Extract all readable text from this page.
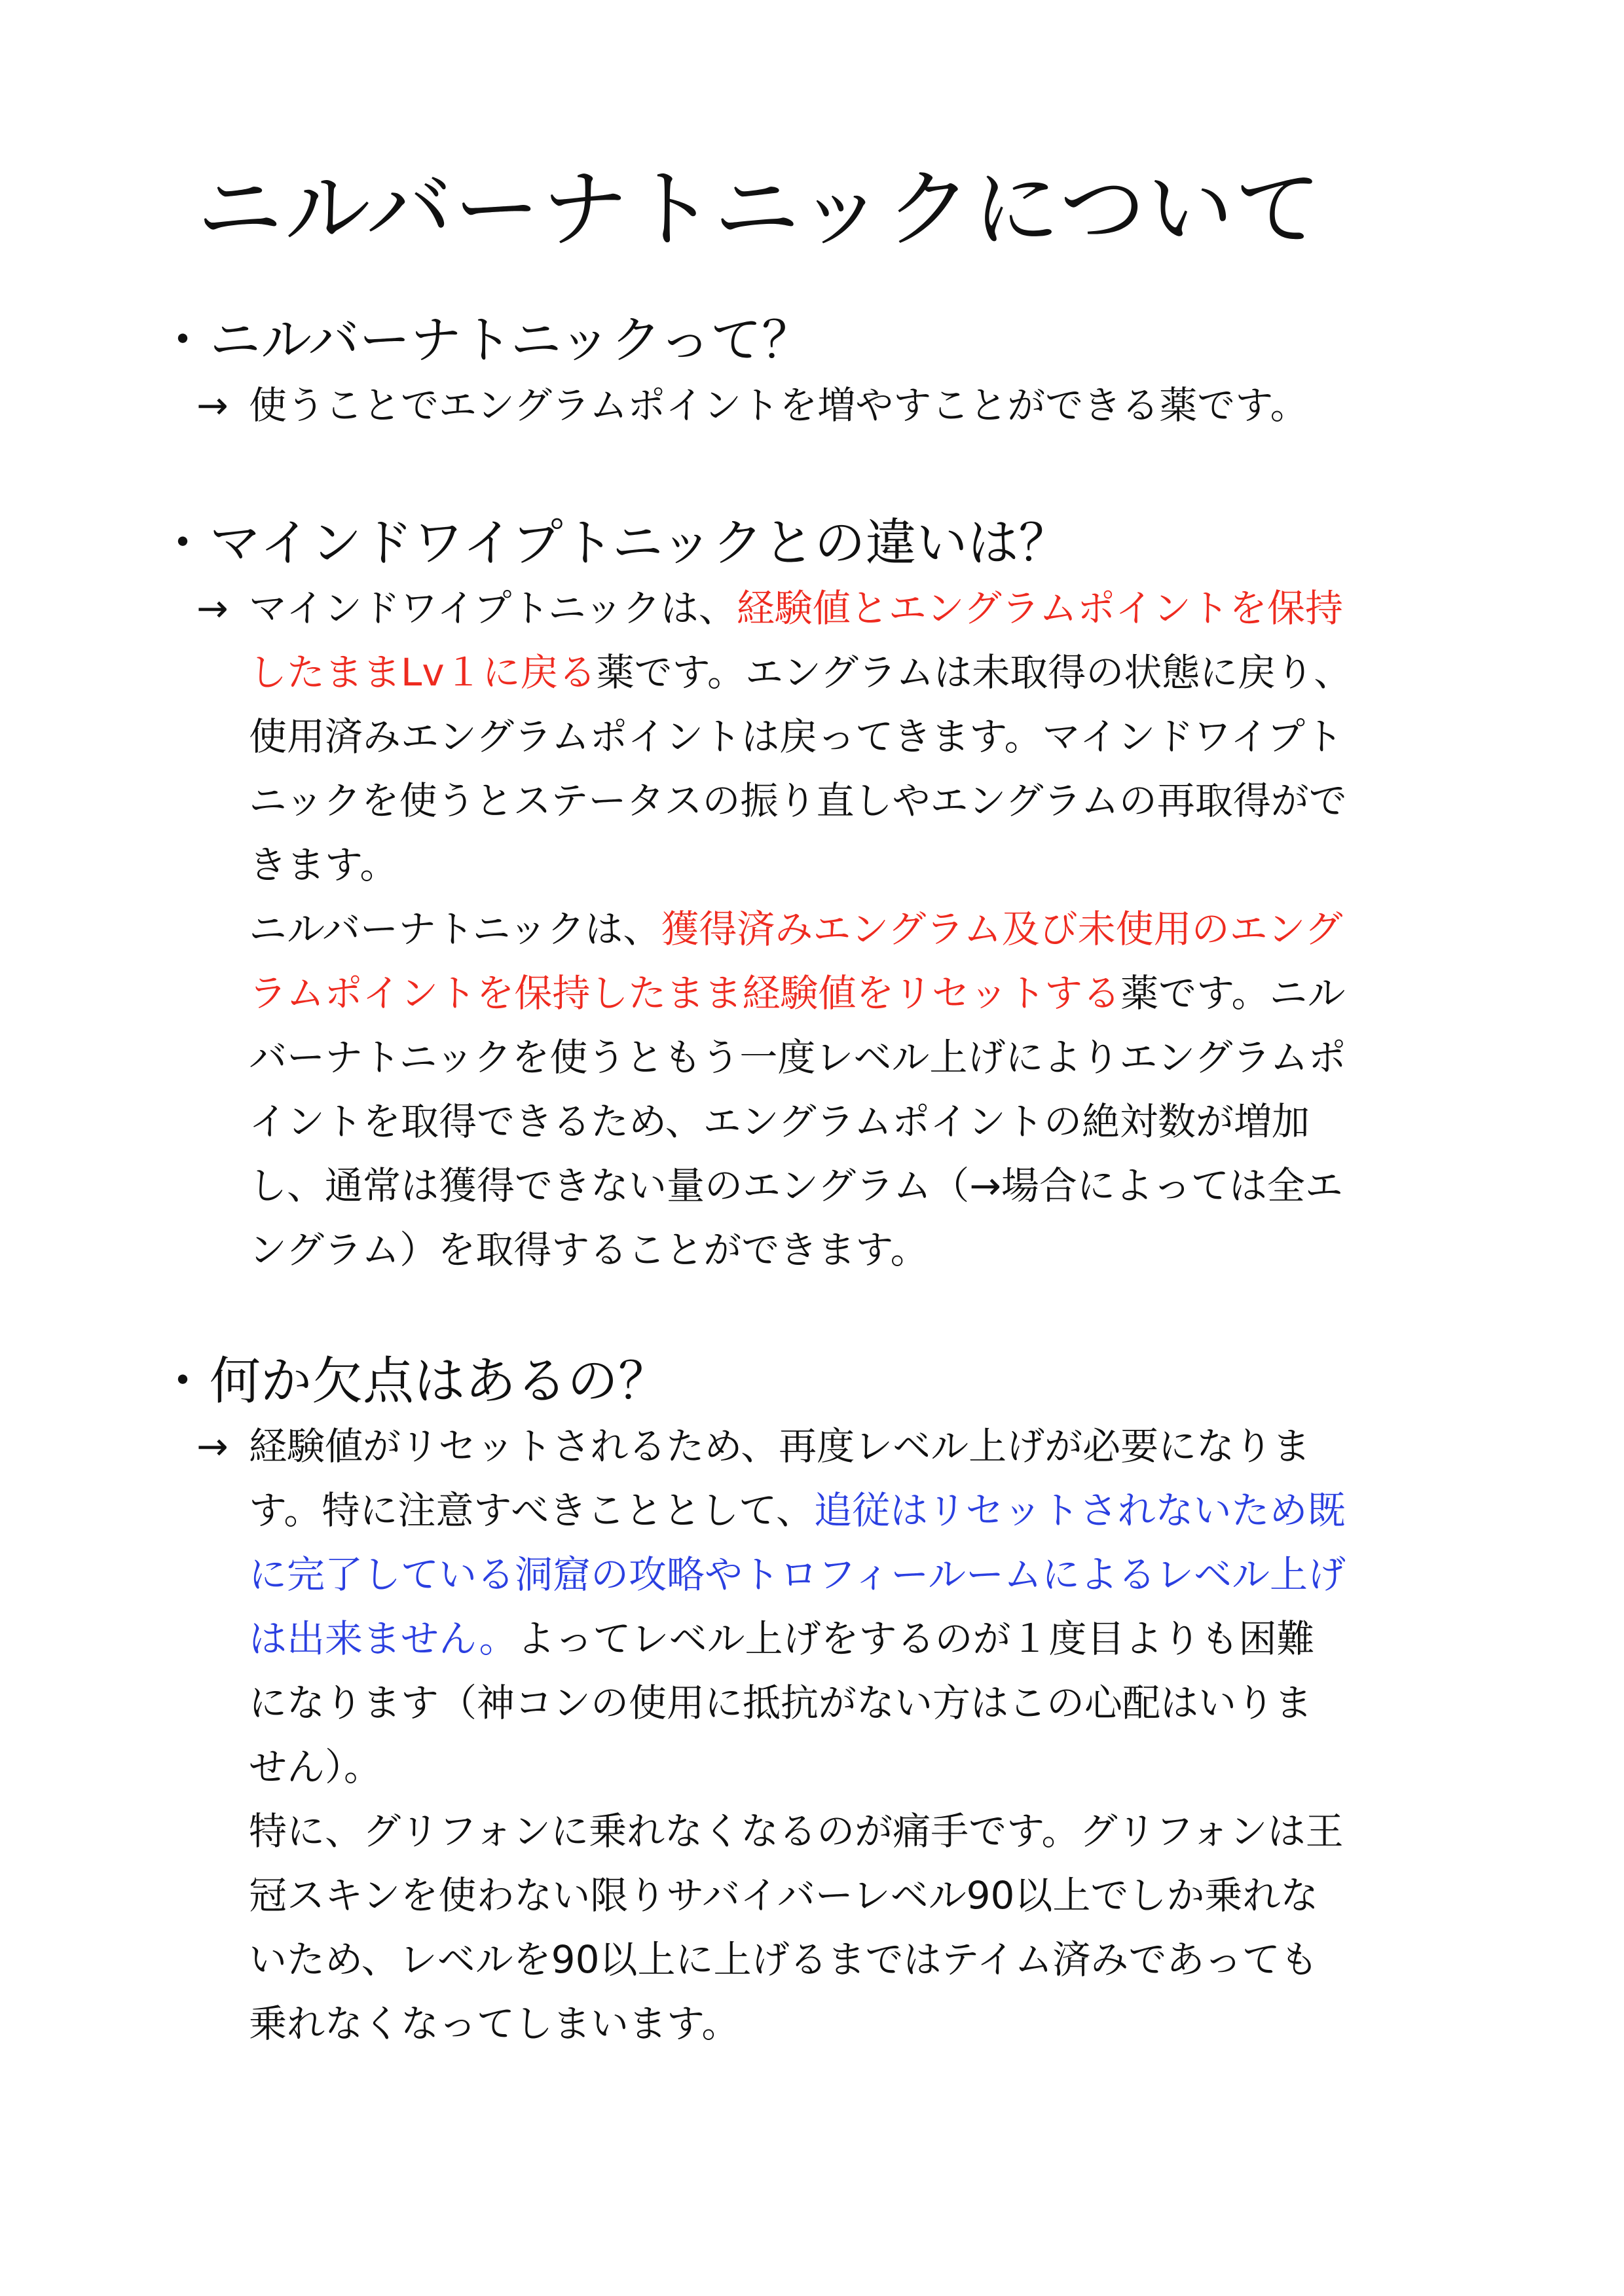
ニルバーナトニックについて
・ニルバーナトニックって？
→ 使うことでエングラムポイントを増やすことができる薬です。
・マインドワイプトニックとの違いは？
→ マインドワイプトニックは、経験値とエングラムポイントを保持
したままLv１に戻る薬です。エングラムは未取得の状態に戻り、
使用済みエングラムポイントは戻ってきます。マインドワイプト
ニックを使うとステータスの振り直しやエングラムの再取得がで
きます。
ニルバーナトニックは、獲得済みエングラム及び未使用のエング
ラムポイントを保持したまま経験値をリセットする薬です。ニル
バーナトニックを使うともう一度レベル上げによりエングラムポ
イントを取得できるため、エングラムポイントの絶対数が増加
し、通常は獲得できない量のエングラム（→場合によっては全エ
ングラム）を取得することができます。
・何か欠点はあるの？
→ 経験値がリセットされるため、再度レベル上げが必要になりま
す。特に注意すべきこととして、追従はリセットされないため既
に完了している洞窟の攻略やトロフィールームによるレベル上げ
は出来ません。よってレベル上げをするのが１度目よりも困難
になります（神コンの使用に抵抗がない方はこの心配はいりま
せん）。
特に、グリフォンに乗れなくなるのが痛手です。グリフォンは王
冠スキンを使わない限りサバイバーレベル90以上でしか乗れな
いため、レベルを90以上に上げるまではテイム済みであっても
乗れなくなってしまいます。
